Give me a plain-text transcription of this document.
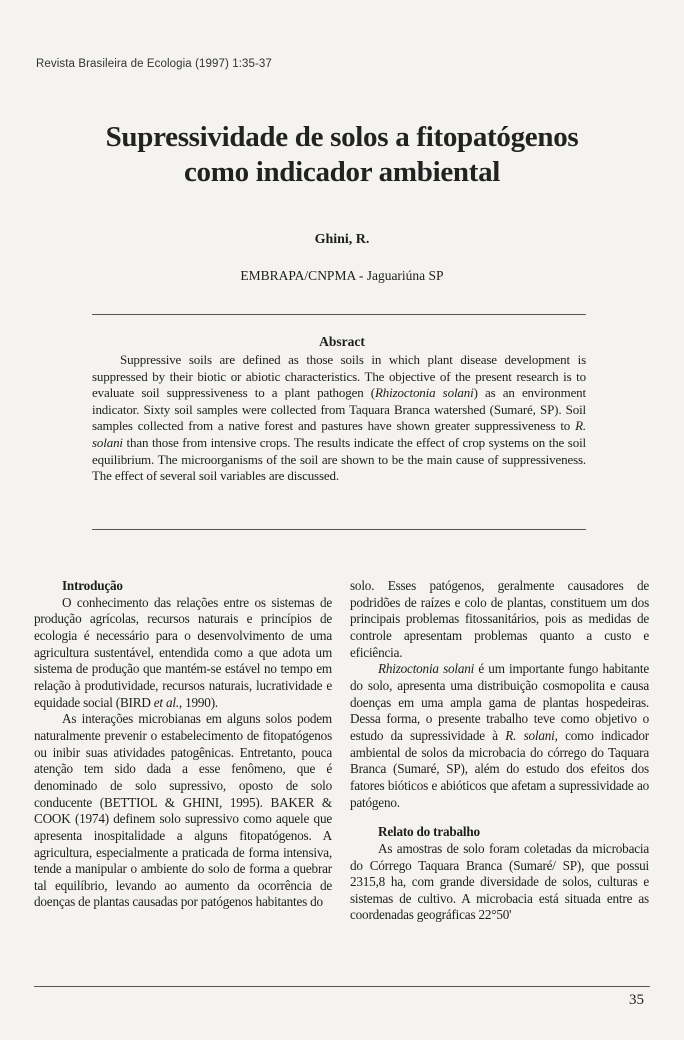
Revista Brasileira de Ecologia (1997) 1:35-37
Supressividade de solos a fitopatógenos
como indicador ambiental
Ghini, R.
EMBRAPA/CNPMA - Jaguariúna SP
Absract
Suppressive soils are defined as those soils in which plant disease development is suppressed by their biotic or abiotic characteristics. The objective of the present research is to evaluate soil suppressiveness to a plant pathogen (Rhizoctonia solani) as an environment indicator. Sixty soil samples were collected from Taquara Branca watershed (Sumaré, SP). Soil samples collected from a native forest and pastures have shown greater suppressiveness to R. solani than those from intensive crops. The results indicate the effect of crop systems on the soil equilibrium. The microorganisms of the soil are shown to be the main cause of suppressiveness. The effect of several soil variables are discussed.
Introdução

O conhecimento das relações entre os sistemas de produção agrícolas, recursos naturais e princípios de ecologia é necessário para o desenvolvimento de uma agricultura sustentável, entendida como a que adota um sistema de produção que mantém-se estável no tempo em relação à produtividade, recursos naturais, lucratividade e equidade social (BIRD et al., 1990).

As interações microbianas em alguns solos podem naturalmente prevenir o estabelecimento de fitopatógenos ou inibir suas atividades patogênicas. Entretanto, pouca atenção tem sido dada a esse fenômeno, que é denominado de solo supressivo, oposto de solo conducente (BETTIOL & GHINI, 1995). BAKER & COOK (1974) definem solo supressivo como aquele que apresenta inospitalidade a alguns fitopatógenos. A agricultura, especialmente a praticada de forma intensiva, tende a manipular o ambiente do solo de forma a quebrar tal equilíbrio, levando ao aumento da ocorrência de doenças de plantas causadas por patógenos habitantes do

solo. Esses patógenos, geralmente causadores de podridões de raízes e colo de plantas, constituem um dos principais problemas fitossanitários, pois as medidas de controle apresentam problemas quanto a custo e eficiência.

Rhizoctonia solani é um importante fungo habitante do solo, apresenta uma distribuição cosmopolita e causa doenças em uma ampla gama de plantas hospedeiras. Dessa forma, o presente trabalho teve como objetivo o estudo da supressividade à R. solani, como indicador ambiental de solos da microbacia do córrego do Taquara Branca (Sumaré, SP), além do estudo dos efeitos dos fatores bióticos e abióticos que afetam a supressividade ao patógeno.

Relato do trabalho

As amostras de solo foram coletadas da microbacia do Córrego Taquara Branca (Sumaré/ SP), que possui 2315,8 ha, com grande diversidade de solos, culturas e sistemas de cultivo. A microbacia está situada entre as coordenadas geográficas 22°50'

35
